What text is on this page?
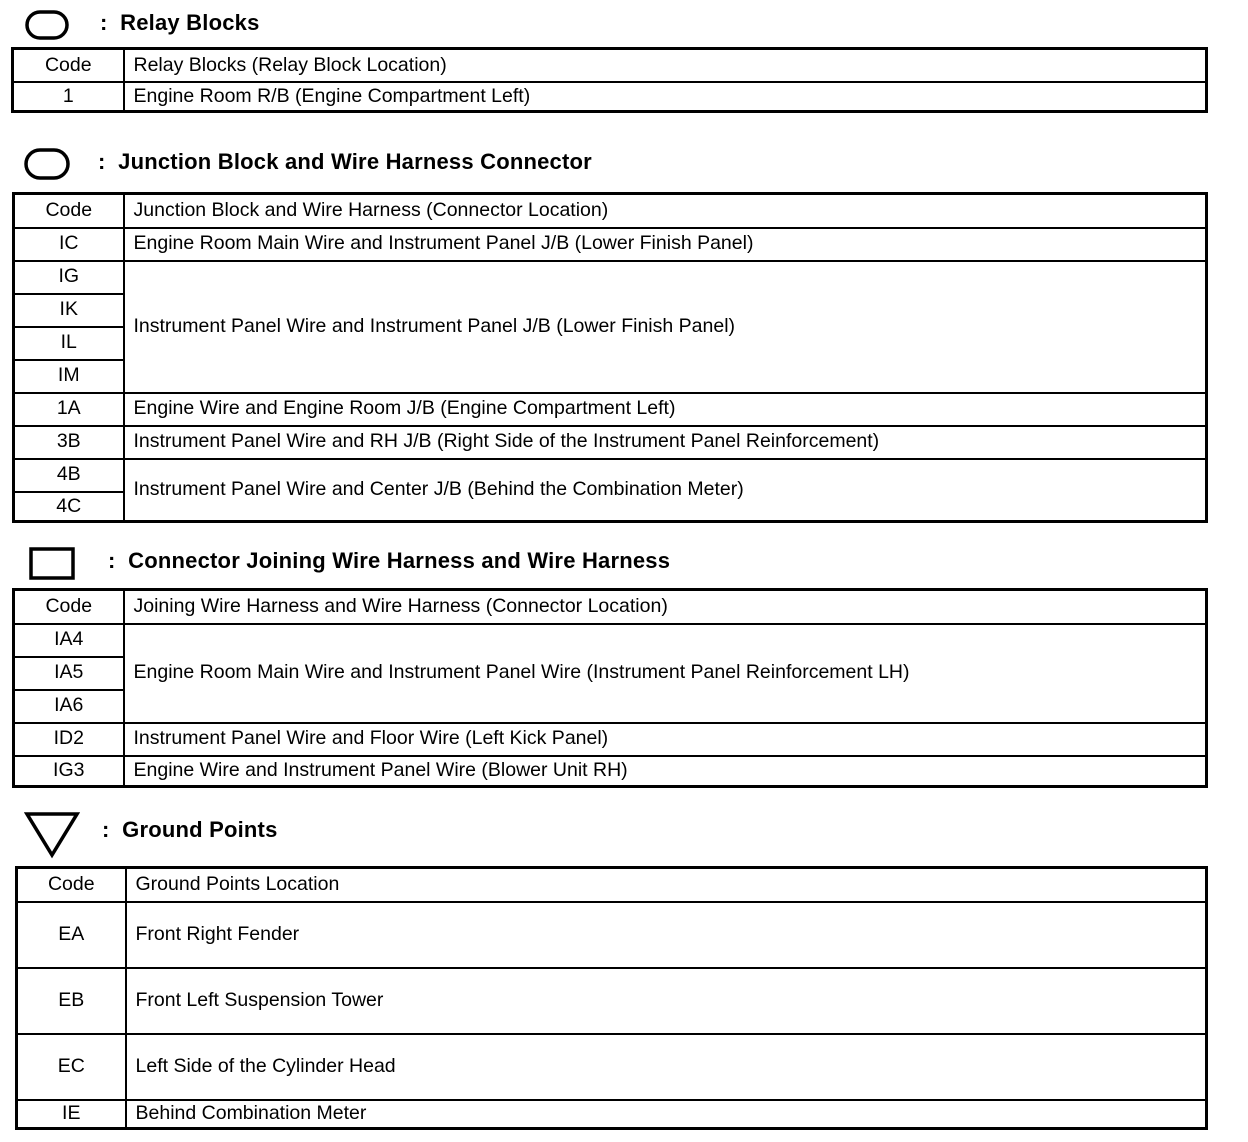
: Relay Blocks
Code	Relay Blocks (Relay Block Location)
1	Engine Room R/B (Engine Compartment Left)
: Junction Block and Wire Harness Connector
Code	Junction Block and Wire Harness (Connector Location)
IC	Engine Room Main Wire and Instrument Panel J/B (Lower Finish Panel)
IG	Instrument Panel Wire and Instrument Panel J/B (Lower Finish Panel)
IK	
IL	
IM	
1A	Engine Wire and Engine Room J/B (Engine Compartment Left)
3B	Instrument Panel Wire and RH J/B (Right Side of the Instrument Panel Reinforcement)
4B	Instrument Panel Wire and Center J/B (Behind the Combination Meter)
4C	
: Connector Joining Wire Harness and Wire Harness
Code	Joining Wire Harness and Wire Harness (Connector Location)
IA4	Engine Room Main Wire and Instrument Panel Wire (Instrument Panel Reinforcement LH)
IA5	
IA6	
ID2	Instrument Panel Wire and Floor Wire (Left Kick Panel)
IG3	Engine Wire and Instrument Panel Wire (Blower Unit RH)
: Ground Points
Code	Ground Points Location
EA	Front Right Fender
EB	Front Left Suspension Tower
EC	Left Side of the Cylinder Head
IE	Behind Combination Meter
